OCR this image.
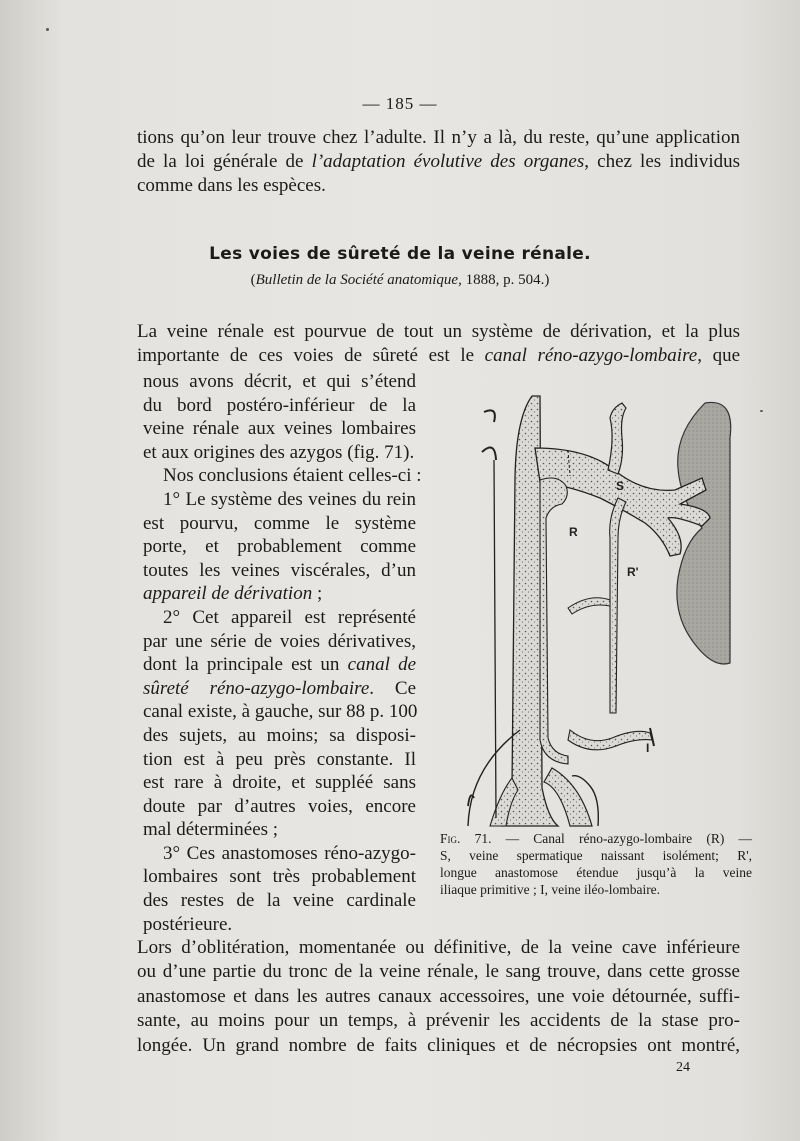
— 185 —

tions qu’on leur trouve chez l’adulte. Il n’y a là, du reste, qu’une application
de la loi générale de l’adaptation évolutive des organes, chez les individus
comme dans les espèces.

Les voies de sûreté de la veine rénale.
(Bulletin de la Société anatomique, 1888, p. 504.)

La veine rénale est pourvue de tout un système de dérivation, et la plus
importante de ces voies de sûreté est le canal réno-azygo-lombaire, que

nous avons décrit, et qui s’étend
du bord postéro-inférieur de la
veine rénale aux veines lombaires
et aux origines des azygos (fig. 71).
Nos conclusions étaient celles-ci :
1° Le système des veines du rein
est pourvu, comme le système
porte, et probablement comme
toutes les veines viscérales, d’un
appareil de dérivation ;
2° Cet appareil est représenté
par une série de voies dérivatives,
dont la principale est un canal de
sûreté réno-azygo-lombaire. Ce
canal existe, à gauche, sur 88 p. 100
des sujets, au moins; sa disposi-
tion est à peu près constante. Il
est rare à droite, et suppléé sans
doute par d’autres voies, encore
mal déterminées ;
3° Ces anastomoses réno-azygo-
lombaires sont très probablement
des restes de la veine cardinale
postérieure.

S
R
R'
I

Fig. 71. — Canal réno-azygo-lombaire (R) —
S, veine spermatique naissant isolément; R',
longue anastomose étendue jusqu’à la veine
iliaque primitive ; I, veine iléo-lombaire.

Lors d’oblitération, momentanée ou définitive, de la veine cave inférieure
ou d’une partie du tronc de la veine rénale, le sang trouve, dans cette grosse
anastomose et dans les autres canaux accessoires, une voie détournée, suffi-
sante, au moins pour un temps, à prévenir les accidents de la stase pro-
longée. Un grand nombre de faits cliniques et de nécropsies ont montré,

24
